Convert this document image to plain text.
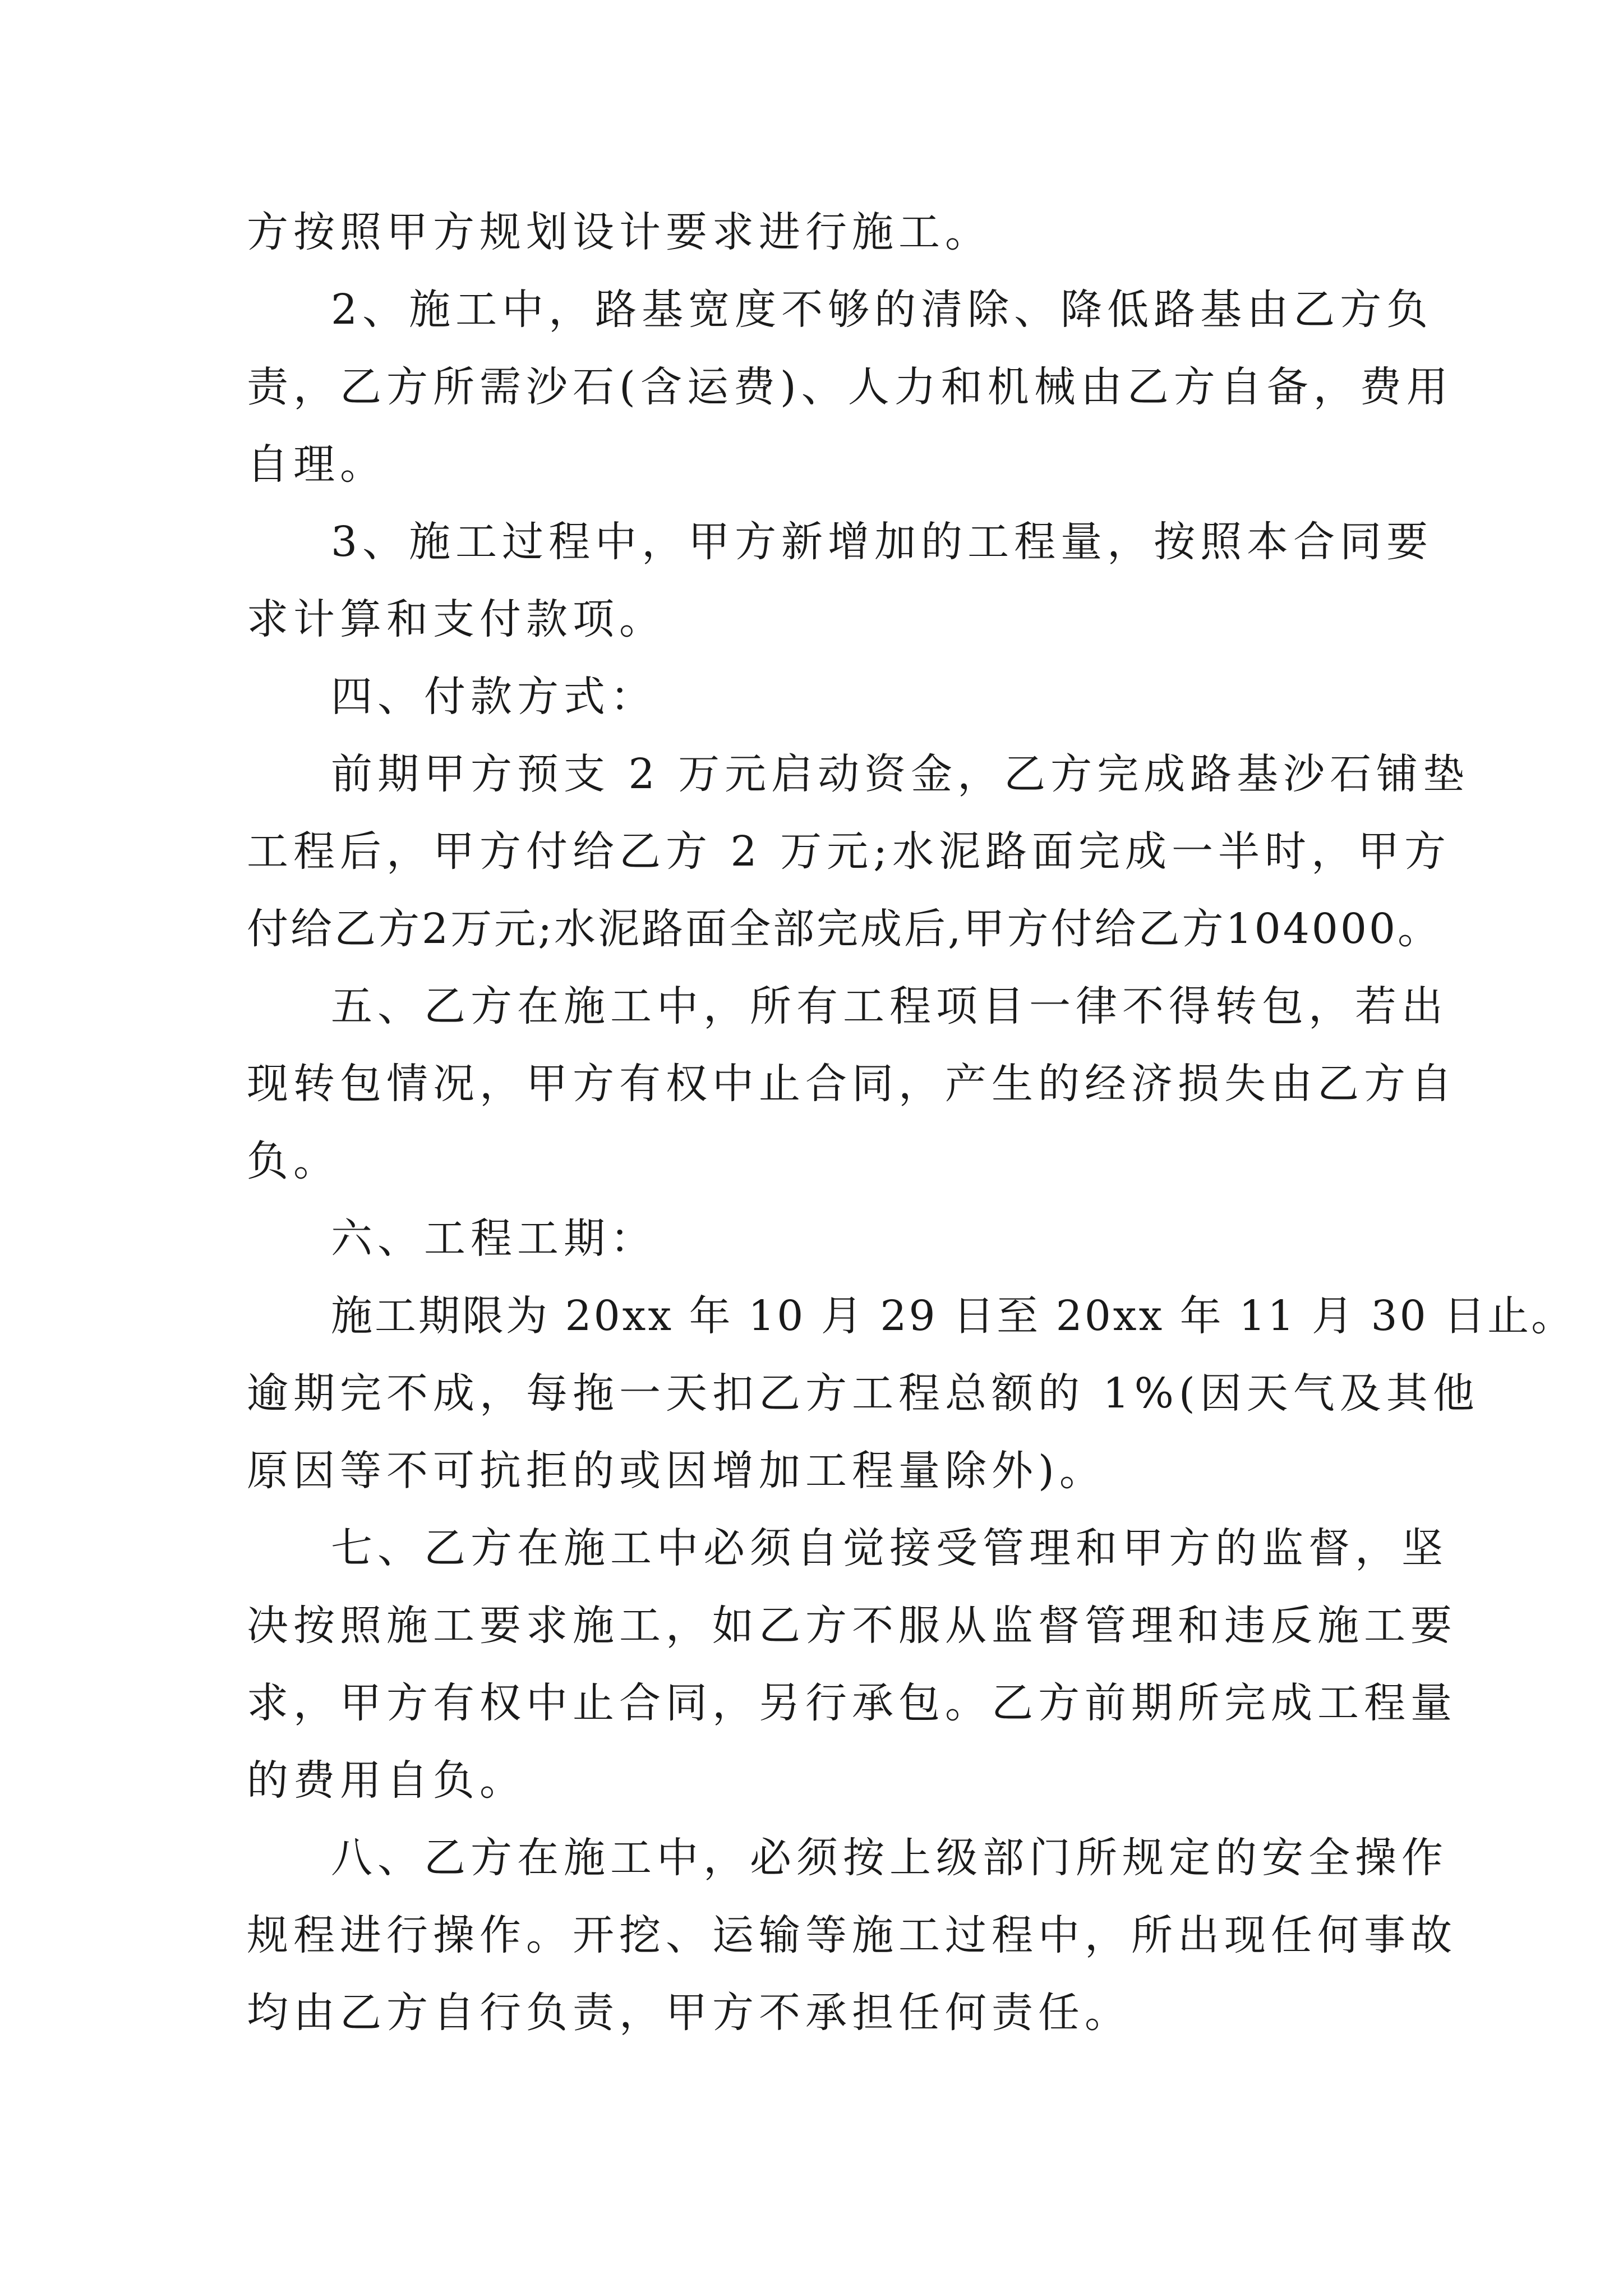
方按照甲方规划设计要求进行施工。
2、施工中，路基宽度不够的清除、降低路基由乙方负
责，乙方所需沙石(含运费)、人力和机械由乙方自备，费用
自理。
3、施工过程中，甲方新增加的工程量，按照本合同要
求计算和支付款项。
四、付款方式：
前期甲方预支 2 万元启动资金，乙方完成路基沙石铺垫
工程后，甲方付给乙方 2 万元;水泥路面完成一半时，甲方
付给乙方2万元;水泥路面全部完成后,甲方付给乙方104000。
五、乙方在施工中，所有工程项目一律不得转包，若出
现转包情况，甲方有权中止合同，产生的经济损失由乙方自
负。
六、工程工期：
施工期限为 20xx 年 10 月 29 日至 20xx 年 11 月 30 日止。
逾期完不成，每拖一天扣乙方工程总额的 1%(因天气及其他
原因等不可抗拒的或因增加工程量除外)。
七、乙方在施工中必须自觉接受管理和甲方的监督，坚
决按照施工要求施工，如乙方不服从监督管理和违反施工要
求，甲方有权中止合同，另行承包。乙方前期所完成工程量
的费用自负。
八、乙方在施工中，必须按上级部门所规定的安全操作
规程进行操作。开挖、运输等施工过程中，所出现任何事故
均由乙方自行负责，甲方不承担任何责任。
